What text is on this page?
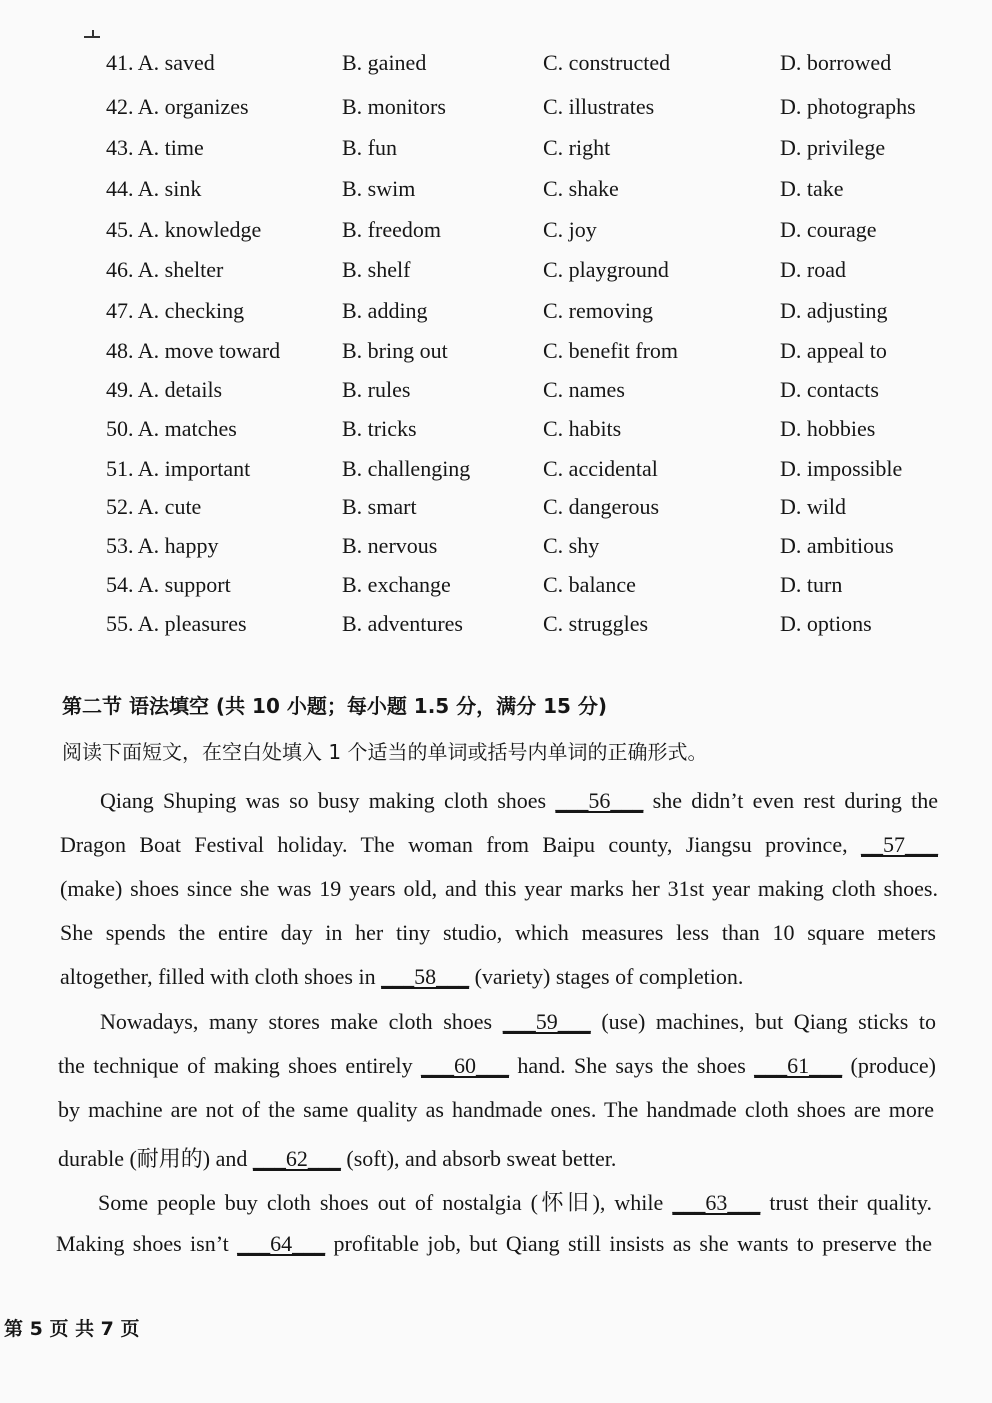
41. A. saved	B. gained	C. constructed	D. borrowed
42. A. organizes	B. monitors	C. illustrates	D. photographs
43. A. time	B. fun	C. right	D. privilege
44. A. sink	B. swim	C. shake	D. take
45. A. knowledge	B. freedom	C. joy	D. courage
46. A. shelter	B. shelf	C. playground	D. road
47. A. checking	B. adding	C. removing	D. adjusting
48. A. move toward	B. bring out	C. benefit from	D. appeal to
49. A. details	B. rules	C. names	D. contacts
50. A. matches	B. tricks	C. habits	D. hobbies
51. A. important	B. challenging	C. accidental	D. impossible
52. A. cute	B. smart	C. dangerous	D. wild
53. A. happy	B. nervous	C. shy	D. ambitious
54. A. support	B. exchange	C. balance	D. turn
55. A. pleasures	B. adventures	C. struggles	D. options
第二节 语法填空 (共 10 小题；每小题 1.5 分，满分 15 分)
阅读下面短文，在空白处填入 1 个适当的单词或括号内单词的正确形式。
Qiang Shuping was so busy making cloth shoes ___56___ she didn’t even rest during the
Dragon Boat Festival holiday. The woman from Baipu county, Jiangsu province, __57___
(make) shoes since she was 19 years old, and this year marks her 31st year making cloth shoes.
She spends the entire day in her tiny studio, which measures less than 10 square meters
altogether, filled with cloth shoes in ___58___ (variety) stages of completion.
Nowadays, many stores make cloth shoes ___59___ (use) machines, but Qiang sticks to
the technique of making shoes entirely ___60___ hand. She says the shoes ___61___ (produce)
by machine are not of the same quality as handmade ones. The handmade cloth shoes are more
durable (耐用的) and ___62___ (soft), and absorb sweat better.
Some people buy cloth shoes out of nostalgia (怀旧), while ___63___ trust their quality.
Making shoes isn’t ___64___ profitable job, but Qiang still insists as she wants to preserve the
第 5 页 共 7 页
